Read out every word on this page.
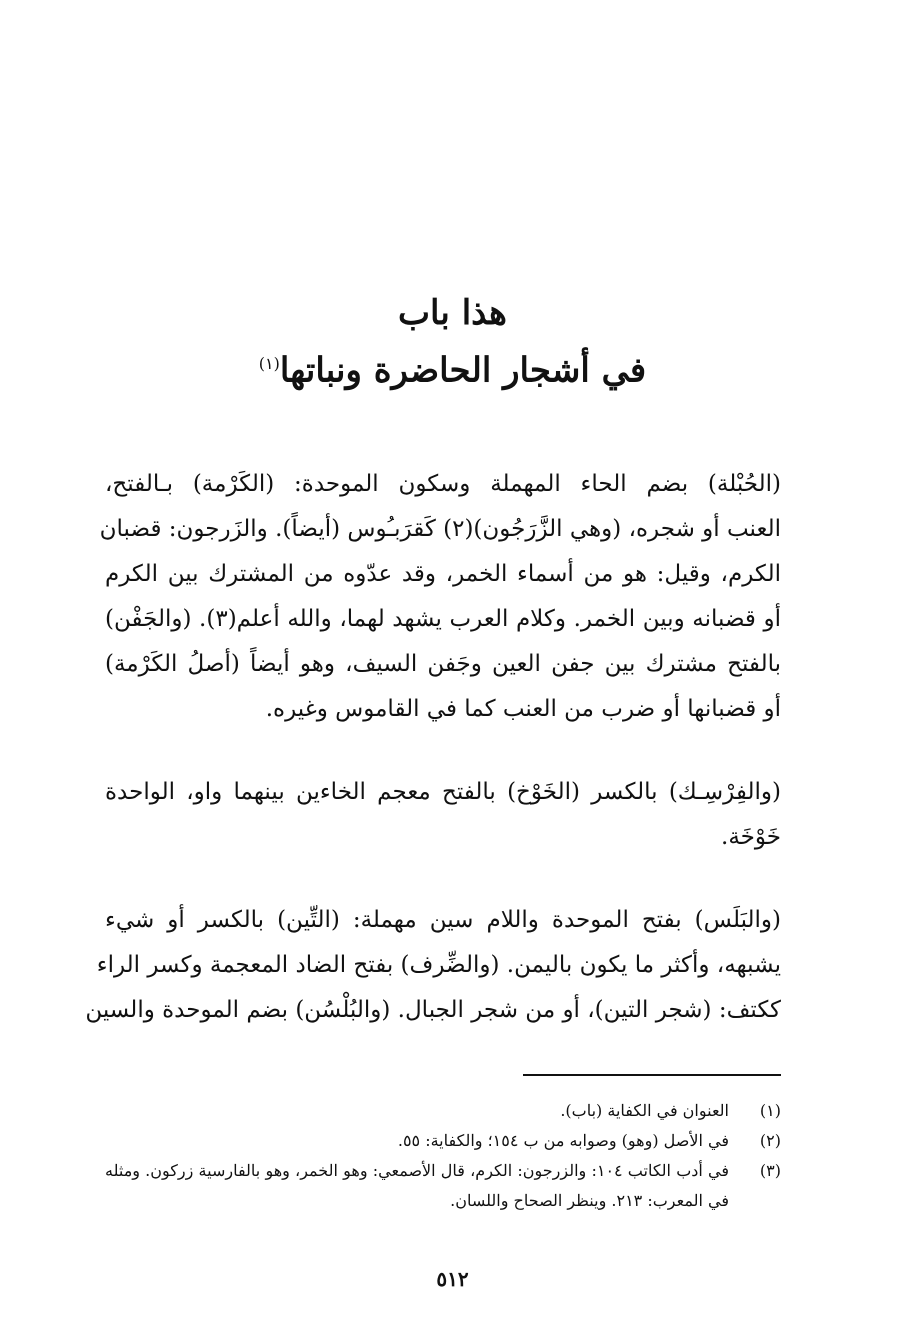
هذا باب
في أشجار الحاضرة ونباتها$^{(١)}$
(الحُبْلة) بضم الحاء المهملة وسكون الموحدة: (الكَرْمة) بـالفتح،
العنب أو شجره، (وهي الزَّرَجُون)(٢) كَقرَبـُوس (أيضاً). والزَرجون: قضبان
الكرم، وقيل: هو من أسماء الخمر، وقد عدّوه من المشترك بين الكرم
أو قضبانه وبين الخمر. وكلام العرب يشهد لهما، والله أعلم(٣). (والجَفْن)
بالفتح مشترك بين جفن العين وجَفن السيف، وهو أيضاً (أصلُ الكَرْمة)
أو قضبانها أو ضرب من العنب كما في القاموس وغيره.
(والفِرْسِـك) بالكسر (الخَوْخ) بالفتح معجم الخاءين بينهما واو، الواحدة
خَوْخَة.
(والبَلَس) بفتح الموحدة واللام سين مهملة: (التِّين) بالكسر أو شيء
يشبهه، وأكثر ما يكون باليمن. (والضِّرف) بفتح الضاد المعجمة وكسر الراء
ككتف: (شجر التين)، أو من شجر الجبال. (والبُلْسُن) بضم الموحدة والسين
(١)
العنوان في الكفاية (باب).
(٢)
في الأصل (وهو) وصوابه من ب ١٥٤؛ والكفاية: ٥٥.
(٣)
في أدب الكاتب ١٠٤: والزرجون: الكرم، قال الأصمعي: وهو الخمر، وهو بالفارسية زركون. ومثله في المعرب: ٢١٣. وينظر الصحاح واللسان.
٥١٢
